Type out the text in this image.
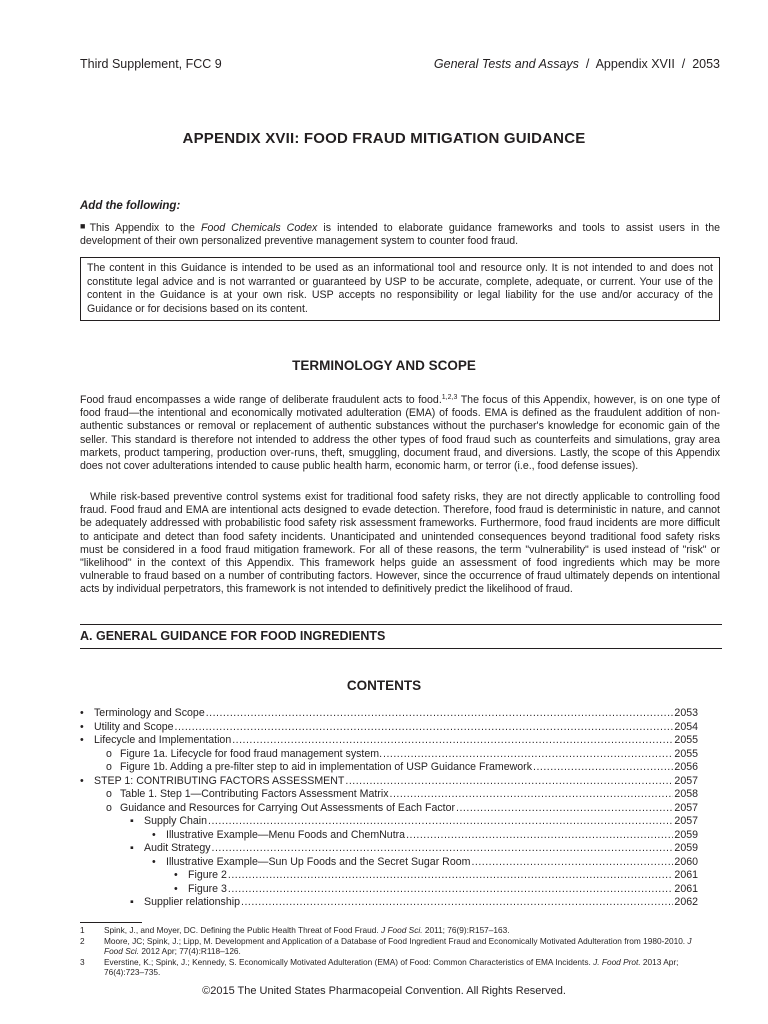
Third Supplement, FCC 9	General Tests and Assays  /  Appendix XVII  /  2053
APPENDIX XVII: FOOD FRAUD MITIGATION GUIDANCE
Add the following:
■This Appendix to the Food Chemicals Codex is intended to elaborate guidance frameworks and tools to assist users in the development of their own personalized preventive management system to counter food fraud.
The content in this Guidance is intended to be used as an informational tool and resource only. It is not intended to and does not constitute legal advice and is not warranted or guaranteed by USP to be accurate, complete, adequate, or current. Your use of the content in the Guidance is at your own risk. USP accepts no responsibility or legal liability for the use and/or accuracy of the Guidance or for decisions based on its content.
TERMINOLOGY AND SCOPE
Food fraud encompasses a wide range of deliberate fraudulent acts to food.$^{1,2,3}$ The focus of this Appendix, however, is on one type of food fraud—the intentional and economically motivated adulteration (EMA) of foods. EMA is defined as the fraudulent addition of non-authentic substances or removal or replacement of authentic substances without the purchaser's knowledge for economic gain of the seller. This standard is therefore not intended to address the other types of food fraud such as counterfeits and simulations, gray area markets, product tampering, production over-runs, theft, smuggling, document fraud, and diversions. Lastly, the scope of this Appendix does not cover adulterations intended to cause public health harm, economic harm, or terror (i.e., food defense issues).
While risk-based preventive control systems exist for traditional food safety risks, they are not directly applicable to controlling food fraud. Food fraud and EMA are intentional acts designed to evade detection. Therefore, food fraud is deterministic in nature, and cannot be adequately addressed with probabilistic food safety risk assessment frameworks. Furthermore, food fraud incidents are more difficult to anticipate and detect than food safety incidents. Unanticipated and unintended consequences beyond traditional food safety risks must be considered in a food fraud mitigation framework. For all of these reasons, the term "vulnerability" is used instead of "risk" or "likelihood" in the context of this Appendix. This framework helps guide an assessment of food ingredients which may be more vulnerable to fraud based on a number of contributing factors. However, since the occurrence of fraud ultimately depends on intentional acts by individual perpetrators, this framework is not intended to definitively predict the likelihood of fraud.
A. GENERAL GUIDANCE FOR FOOD INGREDIENTS
CONTENTS
• Terminology and Scope .....	2053
• Utility and Scope .....	2054
• Lifecycle and Implementation .....	2055
o Figure 1a. Lifecycle for food fraud management system. .....	2055
o Figure 1b. Adding a pre-filter step to aid in implementation of USP Guidance Framework .....	2056
• STEP 1: CONTRIBUTING FACTORS ASSESSMENT .....	2057
o Table 1. Step 1—Contributing Factors Assessment Matrix .....	2058
o Guidance and Resources for Carrying Out Assessments of Each Factor .....	2057
▪ Supply Chain .....	2057
• Illustrative Example—Menu Foods and ChemNutra .....	2059
▪ Audit Strategy .....	2059
• Illustrative Example—Sun Up Foods and the Secret Sugar Room .....	2060
• Figure 2 .....	2061
• Figure 3 .....	2061
▪ Supplier relationship .....	2062
1 Spink, J., and Moyer, DC. Defining the Public Health Threat of Food Fraud. J Food Sci. 2011; 76(9):R157–163.
2 Moore, JC; Spink, J.; Lipp, M. Development and Application of a Database of Food Ingredient Fraud and Economically Motivated Adulteration from 1980-2010. J Food Sci. 2012 Apr; 77(4):R118–126.
3 Everstine, K.; Spink, J.; Kennedy, S. Economically Motivated Adulteration (EMA) of Food: Common Characteristics of EMA Incidents. J. Food Prot. 2013 Apr; 76(4):723–735.
©2015 The United States Pharmacopeial Convention. All Rights Reserved.
